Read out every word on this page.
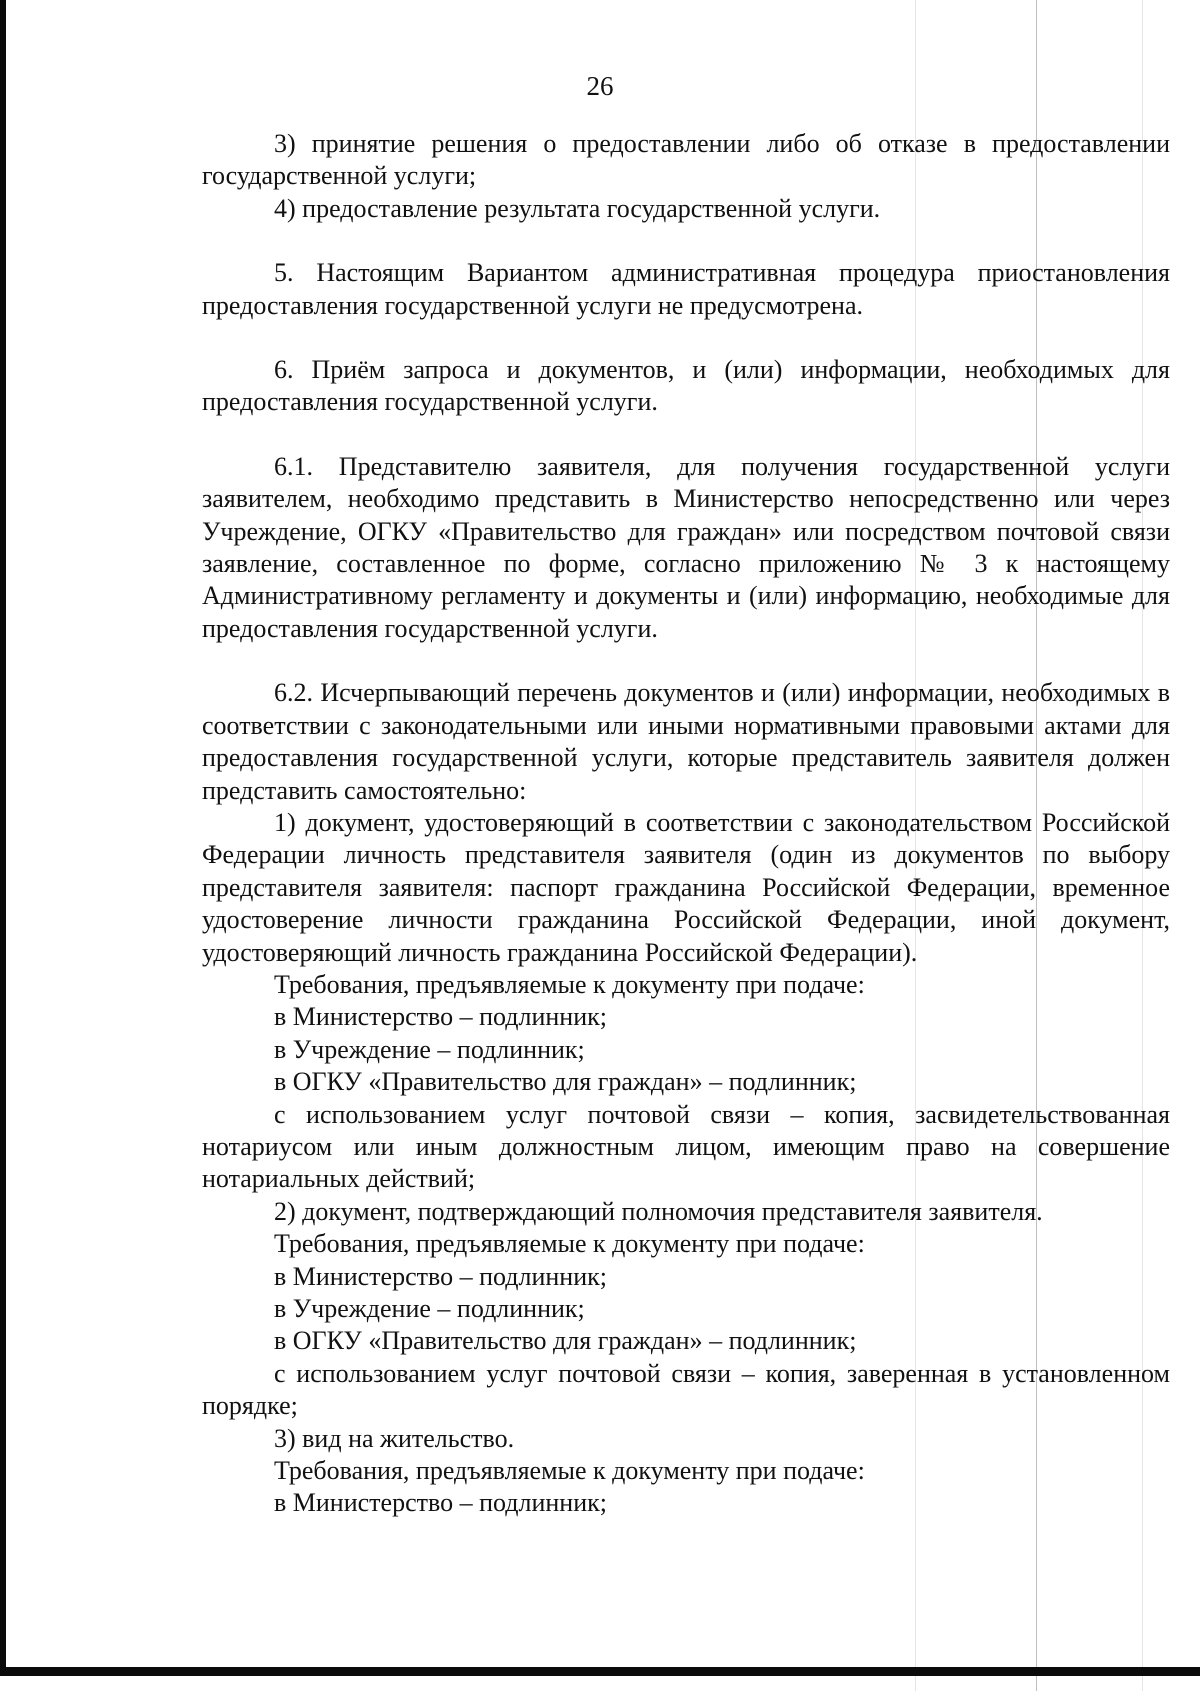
26

3) принятие решения о предоставлении либо об отказе в предоставлении государственной услуги;

4) предоставление результата государственной услуги.

5. Настоящим Вариантом административная процедура приостановления предоставления государственной услуги не предусмотрена.

6. Приём запроса и документов, и (или) информации, необходимых для предоставления государственной услуги.

6.1. Представителю заявителя, для получения государственной услуги заявителем, необходимо представить в Министерство непосредственно или через Учреждение, ОГКУ «Правительство для граждан» или посредством почтовой связи заявление, составленное по форме, согласно приложению № 3 к настоящему Административному регламенту и документы и (или) информацию, необходимые для предоставления государственной услуги.

6.2. Исчерпывающий перечень документов и (или) информации, необходимых в соответствии с законодательными или иными нормативными правовыми актами для предоставления государственной услуги, которые представитель заявителя должен представить самостоятельно:

1) документ, удостоверяющий в соответствии с законодательством Российской Федерации личность представителя заявителя (один из документов по выбору представителя заявителя: паспорт гражданина Российской Федерации, временное удостоверение личности гражданина Российской Федерации, иной документ, удостоверяющий личность гражданина Российской Федерации).

Требования, предъявляемые к документу при подаче:

в Министерство – подлинник;

в Учреждение – подлинник;

в ОГКУ «Правительство для граждан» – подлинник;

с использованием услуг почтовой связи – копия, засвидетельствованная нотариусом или иным должностным лицом, имеющим право на совершение нотариальных действий;

2) документ, подтверждающий полномочия представителя заявителя.

Требования, предъявляемые к документу при подаче:

в Министерство – подлинник;

в Учреждение – подлинник;

в ОГКУ «Правительство для граждан» – подлинник;

с использованием услуг почтовой связи – копия, заверенная в установленном порядке;

3) вид на жительство.

Требования, предъявляемые к документу при подаче:

в Министерство – подлинник;
